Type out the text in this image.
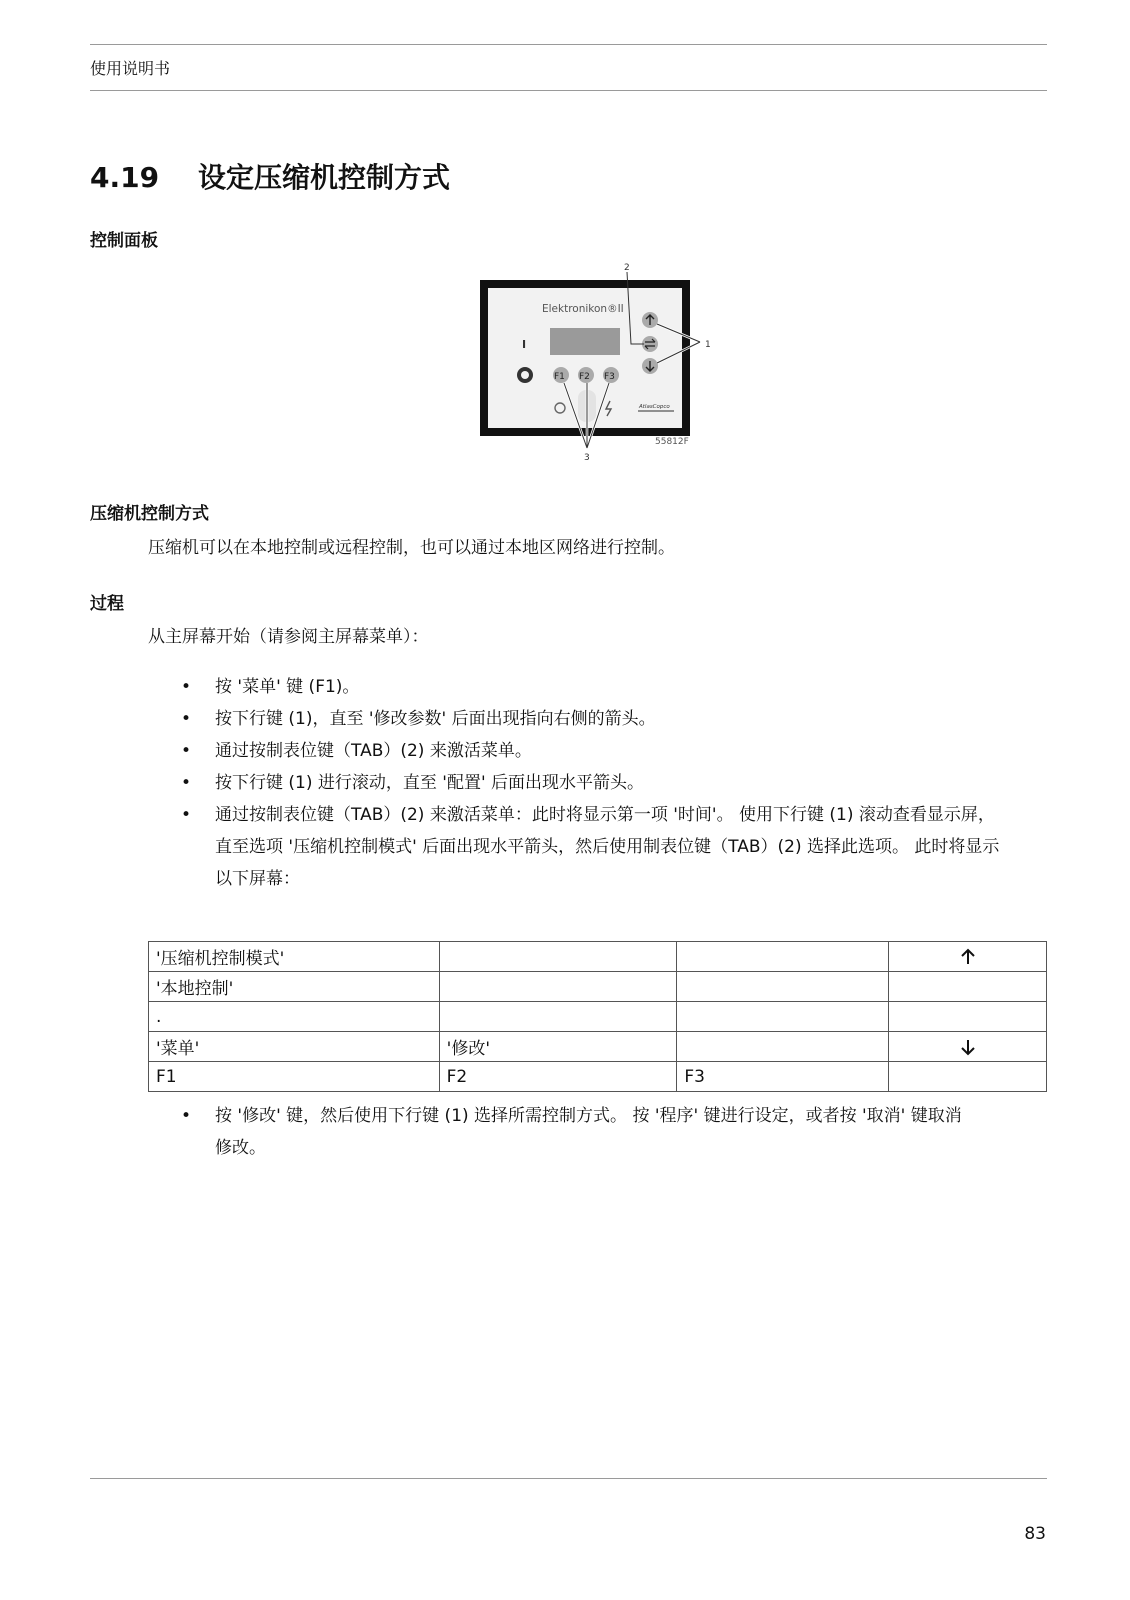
使用说明书
4.19 设定压缩机控制方式
控制面板
Elektronikon®II
I
F1 F2 F3
AtlasCopco
2
1
3
55812F
压缩机控制方式
压缩机可以在本地控制或远程控制，也可以通过本地区网络进行控制。
过程
从主屏幕开始（请参阅主屏幕菜单）：
• 按 '菜单' 键 (F1)。
• 按下行键 (1)，直至 '修改参数' 后面出现指向右侧的箭头。
• 通过按制表位键（TAB）(2) 来激活菜单。
• 按下行键 (1) 进行滚动，直至 '配置' 后面出现水平箭头。
• 通过按制表位键（TAB）(2) 来激活菜单：此时将显示第一项 '时间'。 使用下行键 (1) 滚动查看显示屏，直至选项 '压缩机控制模式' 后面出现水平箭头，然后使用制表位键（TAB）(2) 选择此选项。 此时将显示以下屏幕：
'压缩机控制模式'			

'本地控制'			
.			
'菜单'	'修改'		

F1	F2	F3	
• 按 '修改' 键，然后使用下行键 (1) 选择所需控制方式。 按 '程序' 键进行设定，或者按 '取消' 键取消修改。
83
